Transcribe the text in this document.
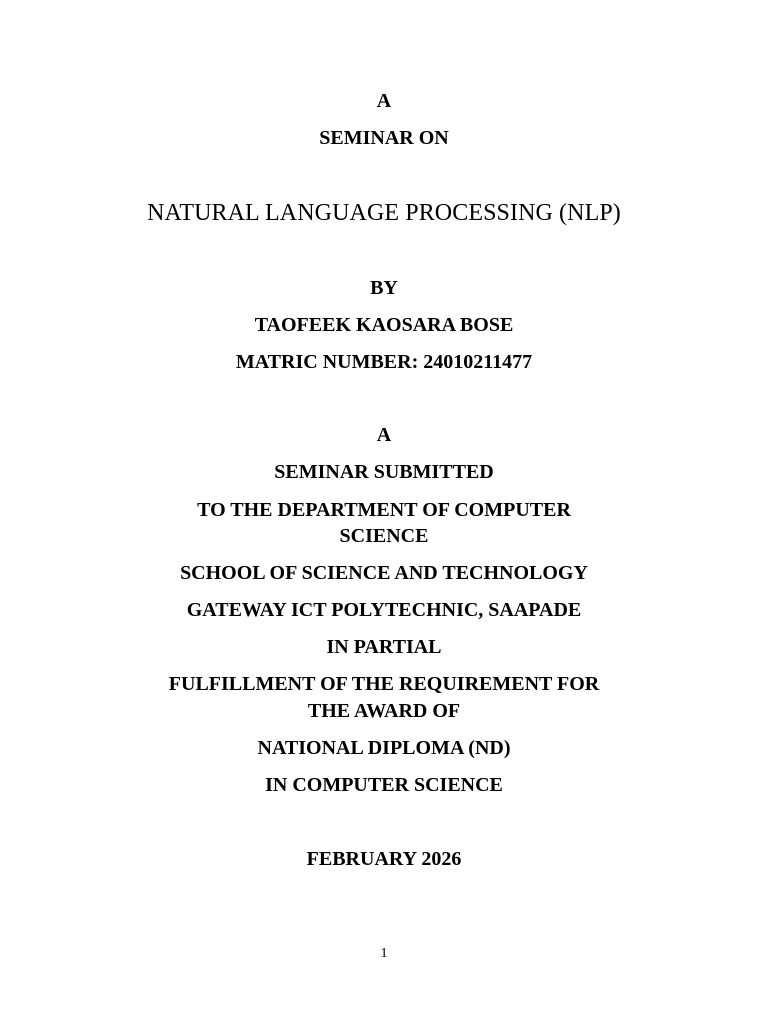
A
SEMINAR ON
NATURAL LANGUAGE PROCESSING (NLP)
BY
TAOFEEK KAOSARA BOSE
MATRIC NUMBER: 24010211477
A
SEMINAR SUBMITTED
TO THE DEPARTMENT OF COMPUTER
SCIENCE
SCHOOL OF SCIENCE AND TECHNOLOGY
GATEWAY ICT POLYTECHNIC, SAAPADE
IN PARTIAL
FULFILLMENT OF THE REQUIREMENT FOR
THE AWARD OF
NATIONAL DIPLOMA (ND)
IN COMPUTER SCIENCE
FEBRUARY 2026
1
